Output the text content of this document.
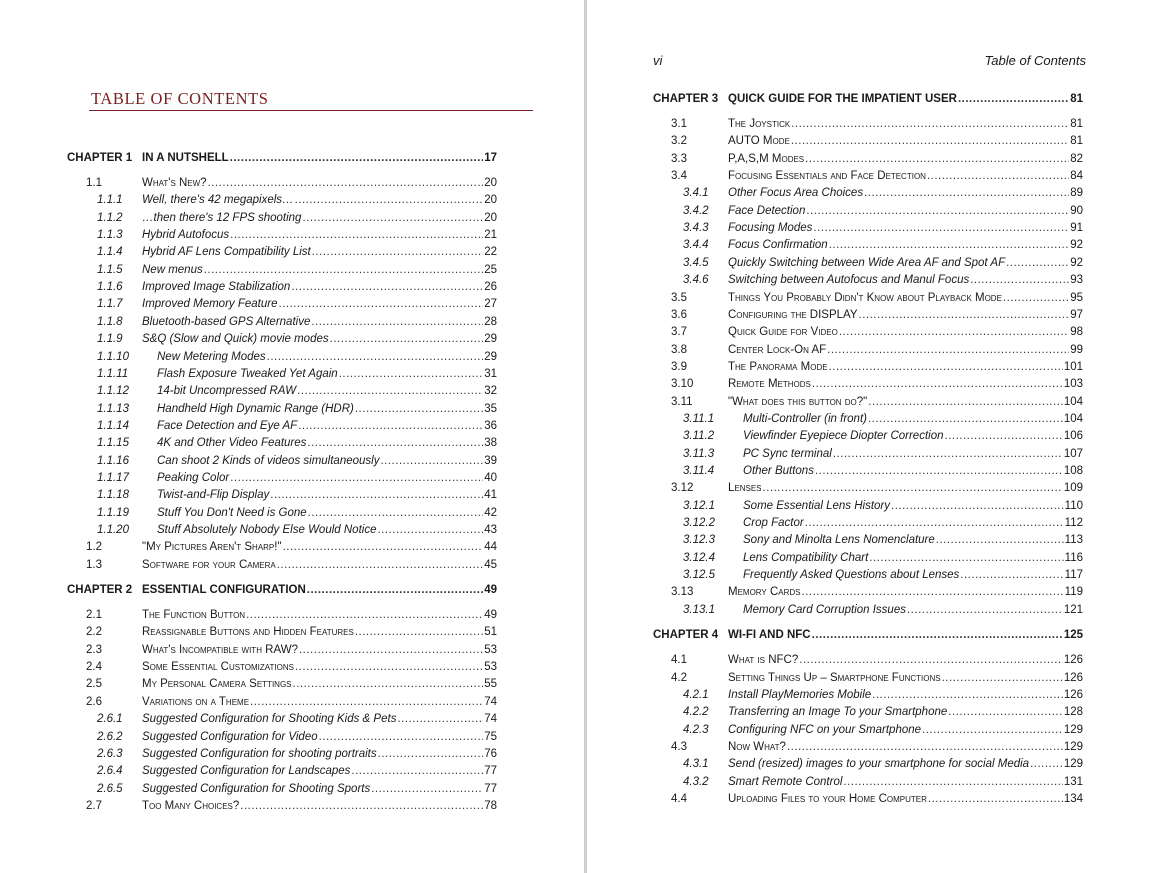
TABLE OF CONTENTS
CHAPTER 1 IN A NUTSHELL .....	17
1.1	What's New? .....	20
1.1.1 Well, there's 42 megapixels… .....	20
1.1.2 …then there's 12 FPS shooting .....	20
1.1.3 Hybrid Autofocus .....	21
1.1.4 Hybrid AF Lens Compatibility List .....	22
1.1.5 New menus .....	25
1.1.6 Improved Image Stabilization .....	26
1.1.7 Improved Memory Feature .....	27
1.1.8 Bluetooth-based GPS Alternative .....	28
1.1.9 S&Q (Slow and Quick) movie modes .....	29
1.1.10	New Metering Modes .....	29
1.1.11	Flash Exposure Tweaked Yet Again .....	31
1.1.12	14-bit Uncompressed RAW .....	32
1.1.13	Handheld High Dynamic Range (HDR) .....	35
1.1.14	Face Detection and Eye AF .....	36
1.1.15	4K and Other Video Features .....	38
1.1.16	Can shoot 2 Kinds of videos simultaneously .....	39
1.1.17	Peaking Color .....	40
1.1.18	Twist-and-Flip Display .....	41
1.1.19	Stuff You Don't Need is Gone .....	42
1.1.20	Stuff Absolutely Nobody Else Would Notice .....	43
1.2	"My Pictures Aren't Sharp!" .....	44
1.3	Software for your Camera .....	45
CHAPTER 2 ESSENTIAL CONFIGURATION .....	49
2.1	The Function Button .....	49
2.2	Reassignable Buttons and Hidden Features .....	51
2.3	What's Incompatible with RAW? .....	53
2.4	Some Essential Customizations .....	53
2.5	My Personal Camera Settings .....	55
2.6	Variations on a Theme .....	74
2.6.1 Suggested Configuration for Shooting Kids & Pets .....	74
2.6.2 Suggested Configuration for Video .....	75
2.6.3 Suggested Configuration for shooting portraits .....	76
2.6.4 Suggested Configuration for Landscapes .....	77
2.6.5 Suggested Configuration for Shooting Sports .....	77
2.7	Too Many Choices? .....	78
vi	Table of Contents
CHAPTER 3 QUICK GUIDE FOR THE IMPATIENT USER .....	81
3.1	The Joystick .....	81
3.2	AUTO Mode .....	81
3.3	P,A,S,M Modes .....	82
3.4	Focusing Essentials and Face Detection .....	84
3.4.1 Other Focus Area Choices .....	89
3.4.2 Face Detection .....	90
3.4.3 Focusing Modes .....	91
3.4.4 Focus Confirmation .....	92
3.4.5 Quickly Switching between Wide Area AF and Spot AF .....	92
3.4.6 Switching between Autofocus and Manul Focus .....	93
3.5	Things You Probably Didn't Know about Playback Mode .....	95
3.6	Configuring the DISPLAY .....	97
3.7	Quick Guide for Video .....	98
3.8	Center Lock-On AF .....	99
3.9	The Panorama Mode .....	101
3.10	Remote Methods .....	103
3.11	"What does this button do?" .....	104
3.11.1	Multi-Controller (in front) .....	104
3.11.2	Viewfinder Eyepiece Diopter Correction .....	106
3.11.3	PC Sync terminal .....	107
3.11.4	Other Buttons .....	108
3.12	Lenses .....	109
3.12.1	Some Essential Lens History .....	110
3.12.2	Crop Factor .....	112
3.12.3	Sony and Minolta Lens Nomenclature .....	113
3.12.4	Lens Compatibility Chart .....	116
3.12.5	Frequently Asked Questions about Lenses .....	117
3.13	Memory Cards .....	119
3.13.1	Memory Card Corruption Issues .....	121
CHAPTER 4 WI-FI AND NFC .....	125
4.1	What is NFC? .....	126
4.2	Setting Things Up – Smartphone Functions .....	126
4.2.1 Install PlayMemories Mobile .....	126
4.2.2 Transferring an Image To your Smartphone .....	128
4.2.3 Configuring NFC on your Smartphone .....	129
4.3	Now What? .....	129
4.3.1 Send (resized) images to your smartphone for social Media .....	129
4.3.2 Smart Remote Control .....	131
4.4	Uploading Files to your Home Computer .....	134
